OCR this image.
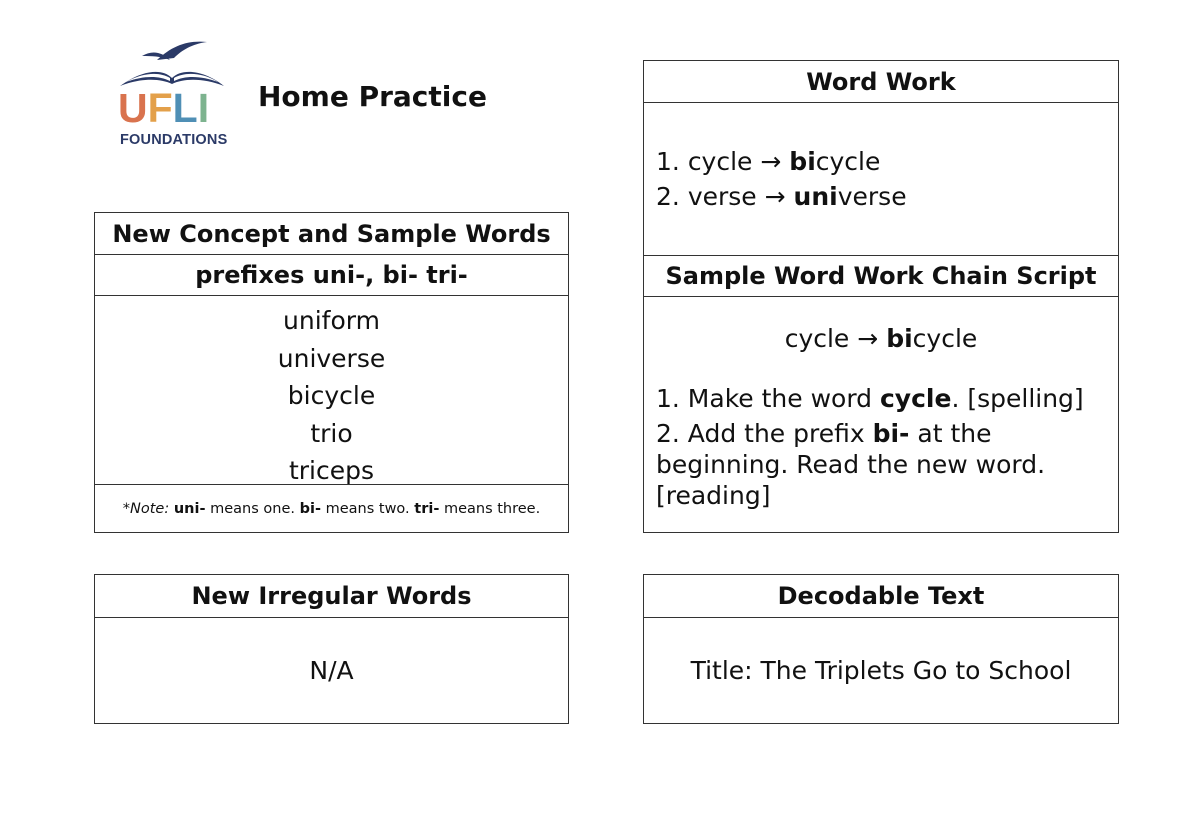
UFLI
FOUNDATIONS
Home Practice
New Concept and Sample Words
prefixes uni-, bi- tri-
uniform
universe
bicycle
trio
triceps
*Note: uni- means one. bi- means two. tri- means three.
New Irregular Words
N/A
Word Work
1. cycle → bicycle
2. verse → universe
Sample Word Work Chain Script
cycle → bicycle
1. Make the word cycle. [spelling]
2. Add the prefix bi- at the
beginning. Read the new word.
[reading]
Decodable Text
Title: The Triplets Go to School
